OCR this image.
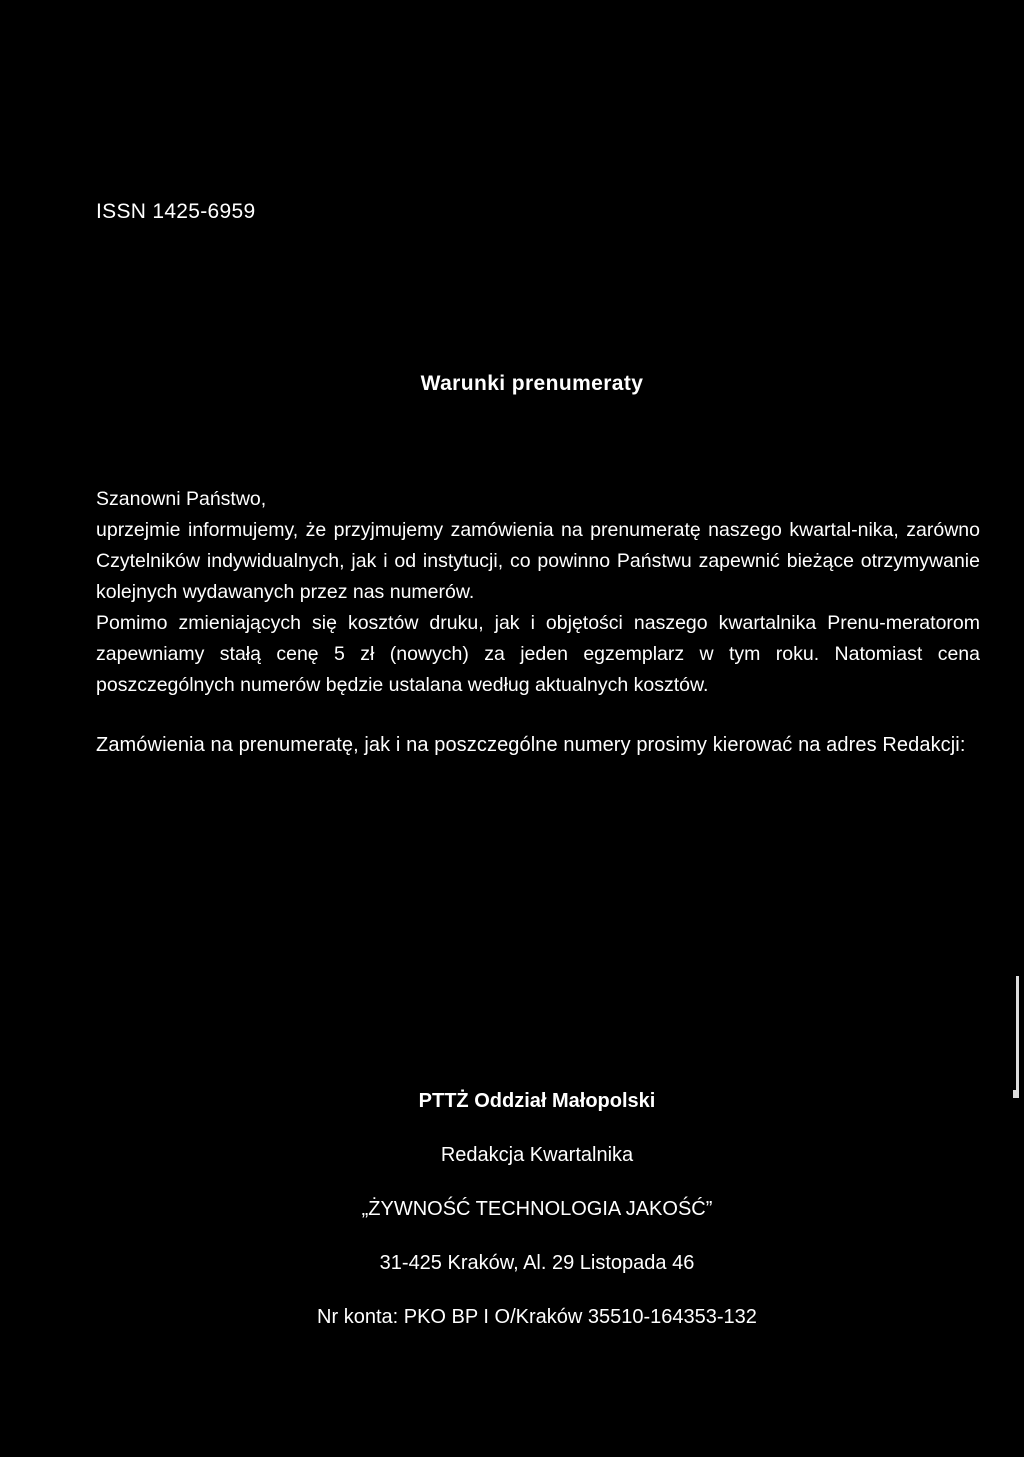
ISSN 1425-6959
Warunki prenumeraty
Szanowni Państwo,

uprzejmie informujemy, że przyjmujemy zamówienia na prenumeratę naszego kwartal-nika, zarówno Czytelników indywidualnych, jak i od instytucji, co powinno Państwu zapewnić bieżące otrzymywanie kolejnych wydawanych przez nas numerów.

Pomimo zmieniających się kosztów druku, jak i objętości naszego kwartalnika Prenu-meratorom zapewniamy stałą cenę 5 zł (nowych) za jeden egzemplarz w tym roku. Natomiast cena poszczególnych numerów będzie ustalana według aktualnych kosztów.

Zamówienia na prenumeratę, jak i na poszczególne numery prosimy kierować na adres Redakcji:

PTTŻ Oddział Małopolski
Redakcja Kwartalnika
„ŻYWNOŚĆ TECHNOLOGIA JAKOŚĆ”
31-425 Kraków, Al. 29 Listopada 46
Nr konta: PKO BP I O/Kraków 35510-164353-132
